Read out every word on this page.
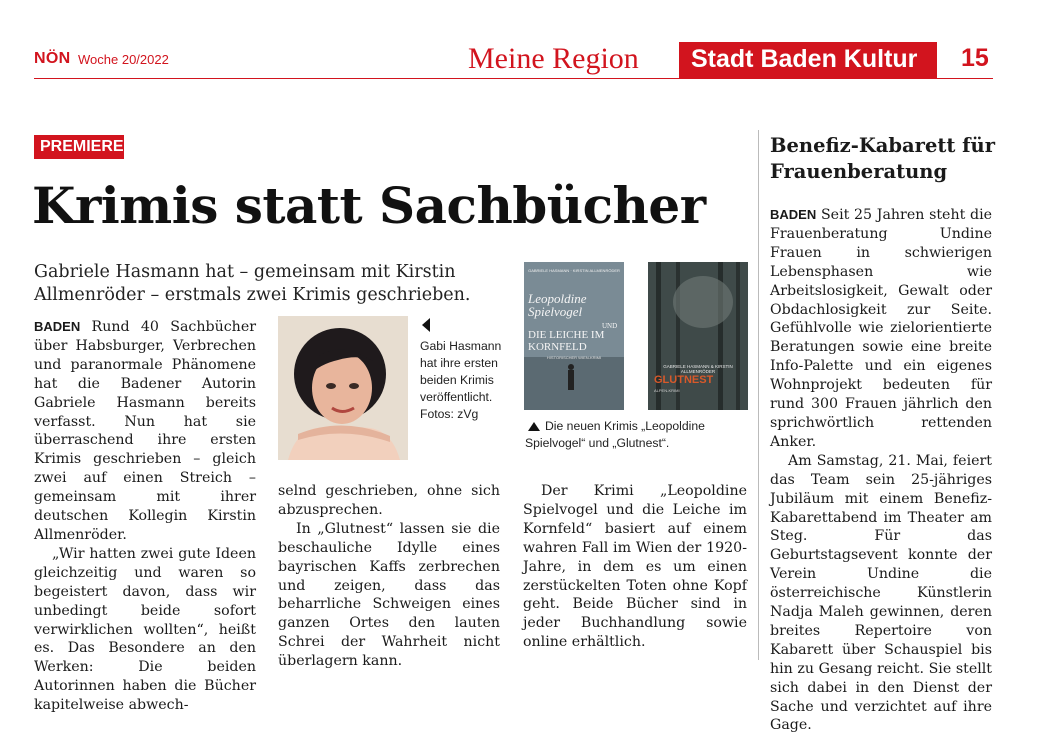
NÖN Woche 20/2022	Meine Region Stadt Baden Kultur 15
PREMIERE
Krimis statt Sachbücher
Gabriele Hasmann hat – gemeinsam mit Kirstin Allmenröder – erstmals zwei Krimis geschrieben.

BADEN Rund 40 Sachbücher über Habsburger, Verbrechen und paranormale Phänomene hat die Badener Autorin Gabriele Hasmann bereits verfasst. Nun hat sie überraschend ihre ersten Krimis geschrieben – gleich zwei auf einen Streich – gemeinsam mit ihrer deutschen Kollegin Kirstin Allmenröder.

„Wir hatten zwei gute Ideen gleichzeitig und waren so begeistert davon, dass wir unbedingt beide sofort verwirklichen wollten“, heißt es. Das Besondere an den Werken: Die beiden Autorinnen haben die Bücher kapitelweise abwech-

Gabi Hasmann hat ihre ersten beiden Krimis veröffentlicht. Fotos: zVg
GABRIELE HASMANN · KIRSTIN ALLMENRÖDER
Leopoldine Spielvogel
UND
DIE LEICHE IM KORNFELD
HISTORISCHER WIEN-KRIMI
GABRIELE HASMANN & KIRSTIN ALLMENRÖDER
GLUTNEST
ALPEN-KRIMI
Die neuen Krimis „Leopoldine Spielvogel“ und „Glutnest“.

selnd geschrieben, ohne sich abzusprechen.

In „Glutnest“ lassen sie die beschauliche Idylle eines bayrischen Kaffs zerbrechen und zeigen, dass das beharrliche Schweigen eines ganzen Ortes den lauten Schrei der Wahrheit nicht überlagern kann.

Der Krimi „Leopoldine Spielvogel und die Leiche im Kornfeld“ basiert auf einem wahren Fall im Wien der 1920-Jahre, in dem es um einen zerstückelten Toten ohne Kopf geht. Beide Bücher sind in jeder Buchhandlung sowie online erhältlich.

Benefiz-Kabarett für Frauenberatung

BADEN Seit 25 Jahren steht die Frauenberatung Undine Frauen in schwierigen Lebensphasen wie Arbeitslosigkeit, Gewalt oder Obdachlosigkeit zur Seite. Gefühlvolle wie zielorientierte Beratungen sowie eine breite Info-Palette und ein eigenes Wohnprojekt bedeuten für rund 300 Frauen jährlich den sprichwörtlich rettenden Anker.

Am Samstag, 21. Mai, feiert das Team sein 25-jähriges Jubiläum mit einem Benefiz-Kabarettabend im Theater am Steg. Für das Geburtstagsevent konnte der Verein Undine die österreichische Künstlerin Nadja Maleh gewinnen, deren breites Repertoire von Kabarett über Schauspiel bis hin zu Gesang reicht. Sie stellt sich dabei in den Dienst der Sache und verzichtet auf ihre Gage.
